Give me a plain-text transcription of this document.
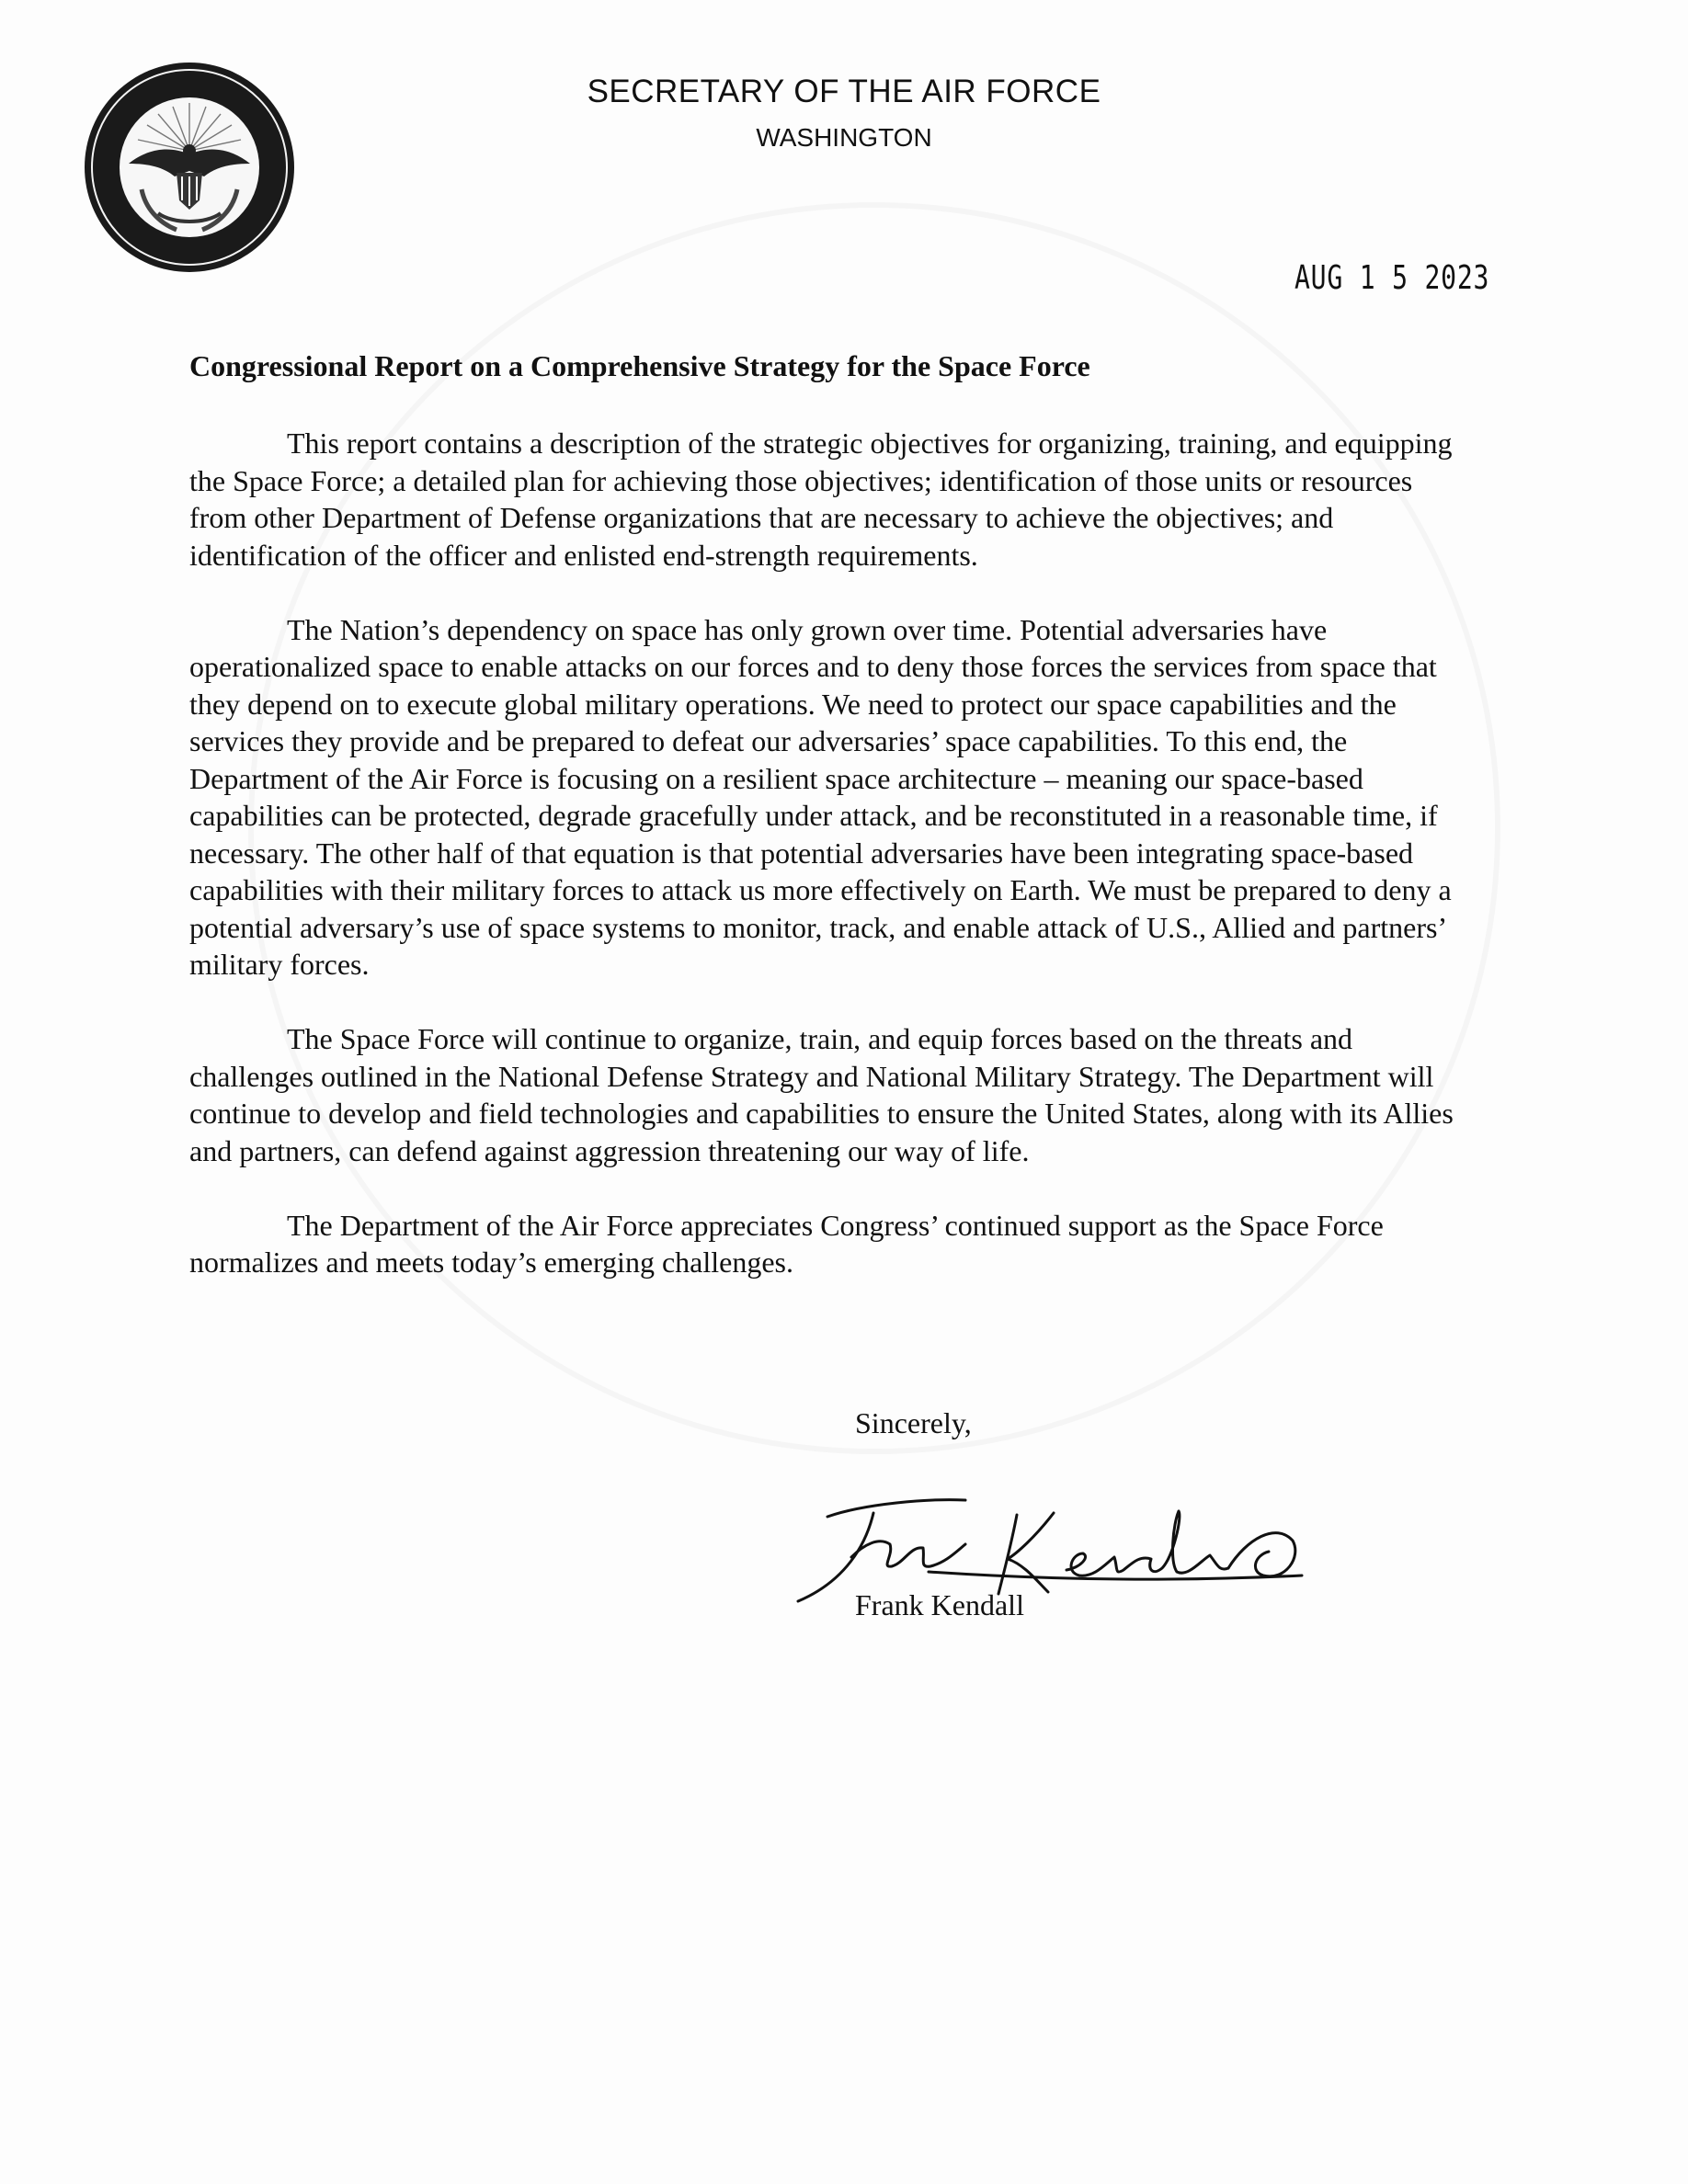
SECRETARY OF THE AIR FORCE
WASHINGTON
AUG 1 5 2023
Congressional Report on a Comprehensive Strategy for the Space Force

This report contains a description of the strategic objectives for organizing, training, and equipping the Space Force; a detailed plan for achieving those objectives; identification of those units or resources from other Department of Defense organizations that are necessary to achieve the objectives; and identification of the officer and enlisted end-strength requirements.

The Nation’s dependency on space has only grown over time. Potential adversaries have operationalized space to enable attacks on our forces and to deny those forces the services from space that they depend on to execute global military operations. We need to protect our space capabilities and the services they provide and be prepared to defeat our adversaries’ space capabilities. To this end, the Department of the Air Force is focusing on a resilient space architecture – meaning our space-based capabilities can be protected, degrade gracefully under attack, and be reconstituted in a reasonable time, if necessary. The other half of that equation is that potential adversaries have been integrating space-based capabilities with their military forces to attack us more effectively on Earth. We must be prepared to deny a potential adversary’s use of space systems to monitor, track, and enable attack of U.S., Allied and partners’ military forces.

The Space Force will continue to organize, train, and equip forces based on the threats and challenges outlined in the National Defense Strategy and National Military Strategy. The Department will continue to develop and field technologies and capabilities to ensure the United States, along with its Allies and partners, can defend against aggression threatening our way of life.

The Department of the Air Force appreciates Congress’ continued support as the Space Force normalizes and meets today’s emerging challenges.

Sincerely,
Frank Kendall
